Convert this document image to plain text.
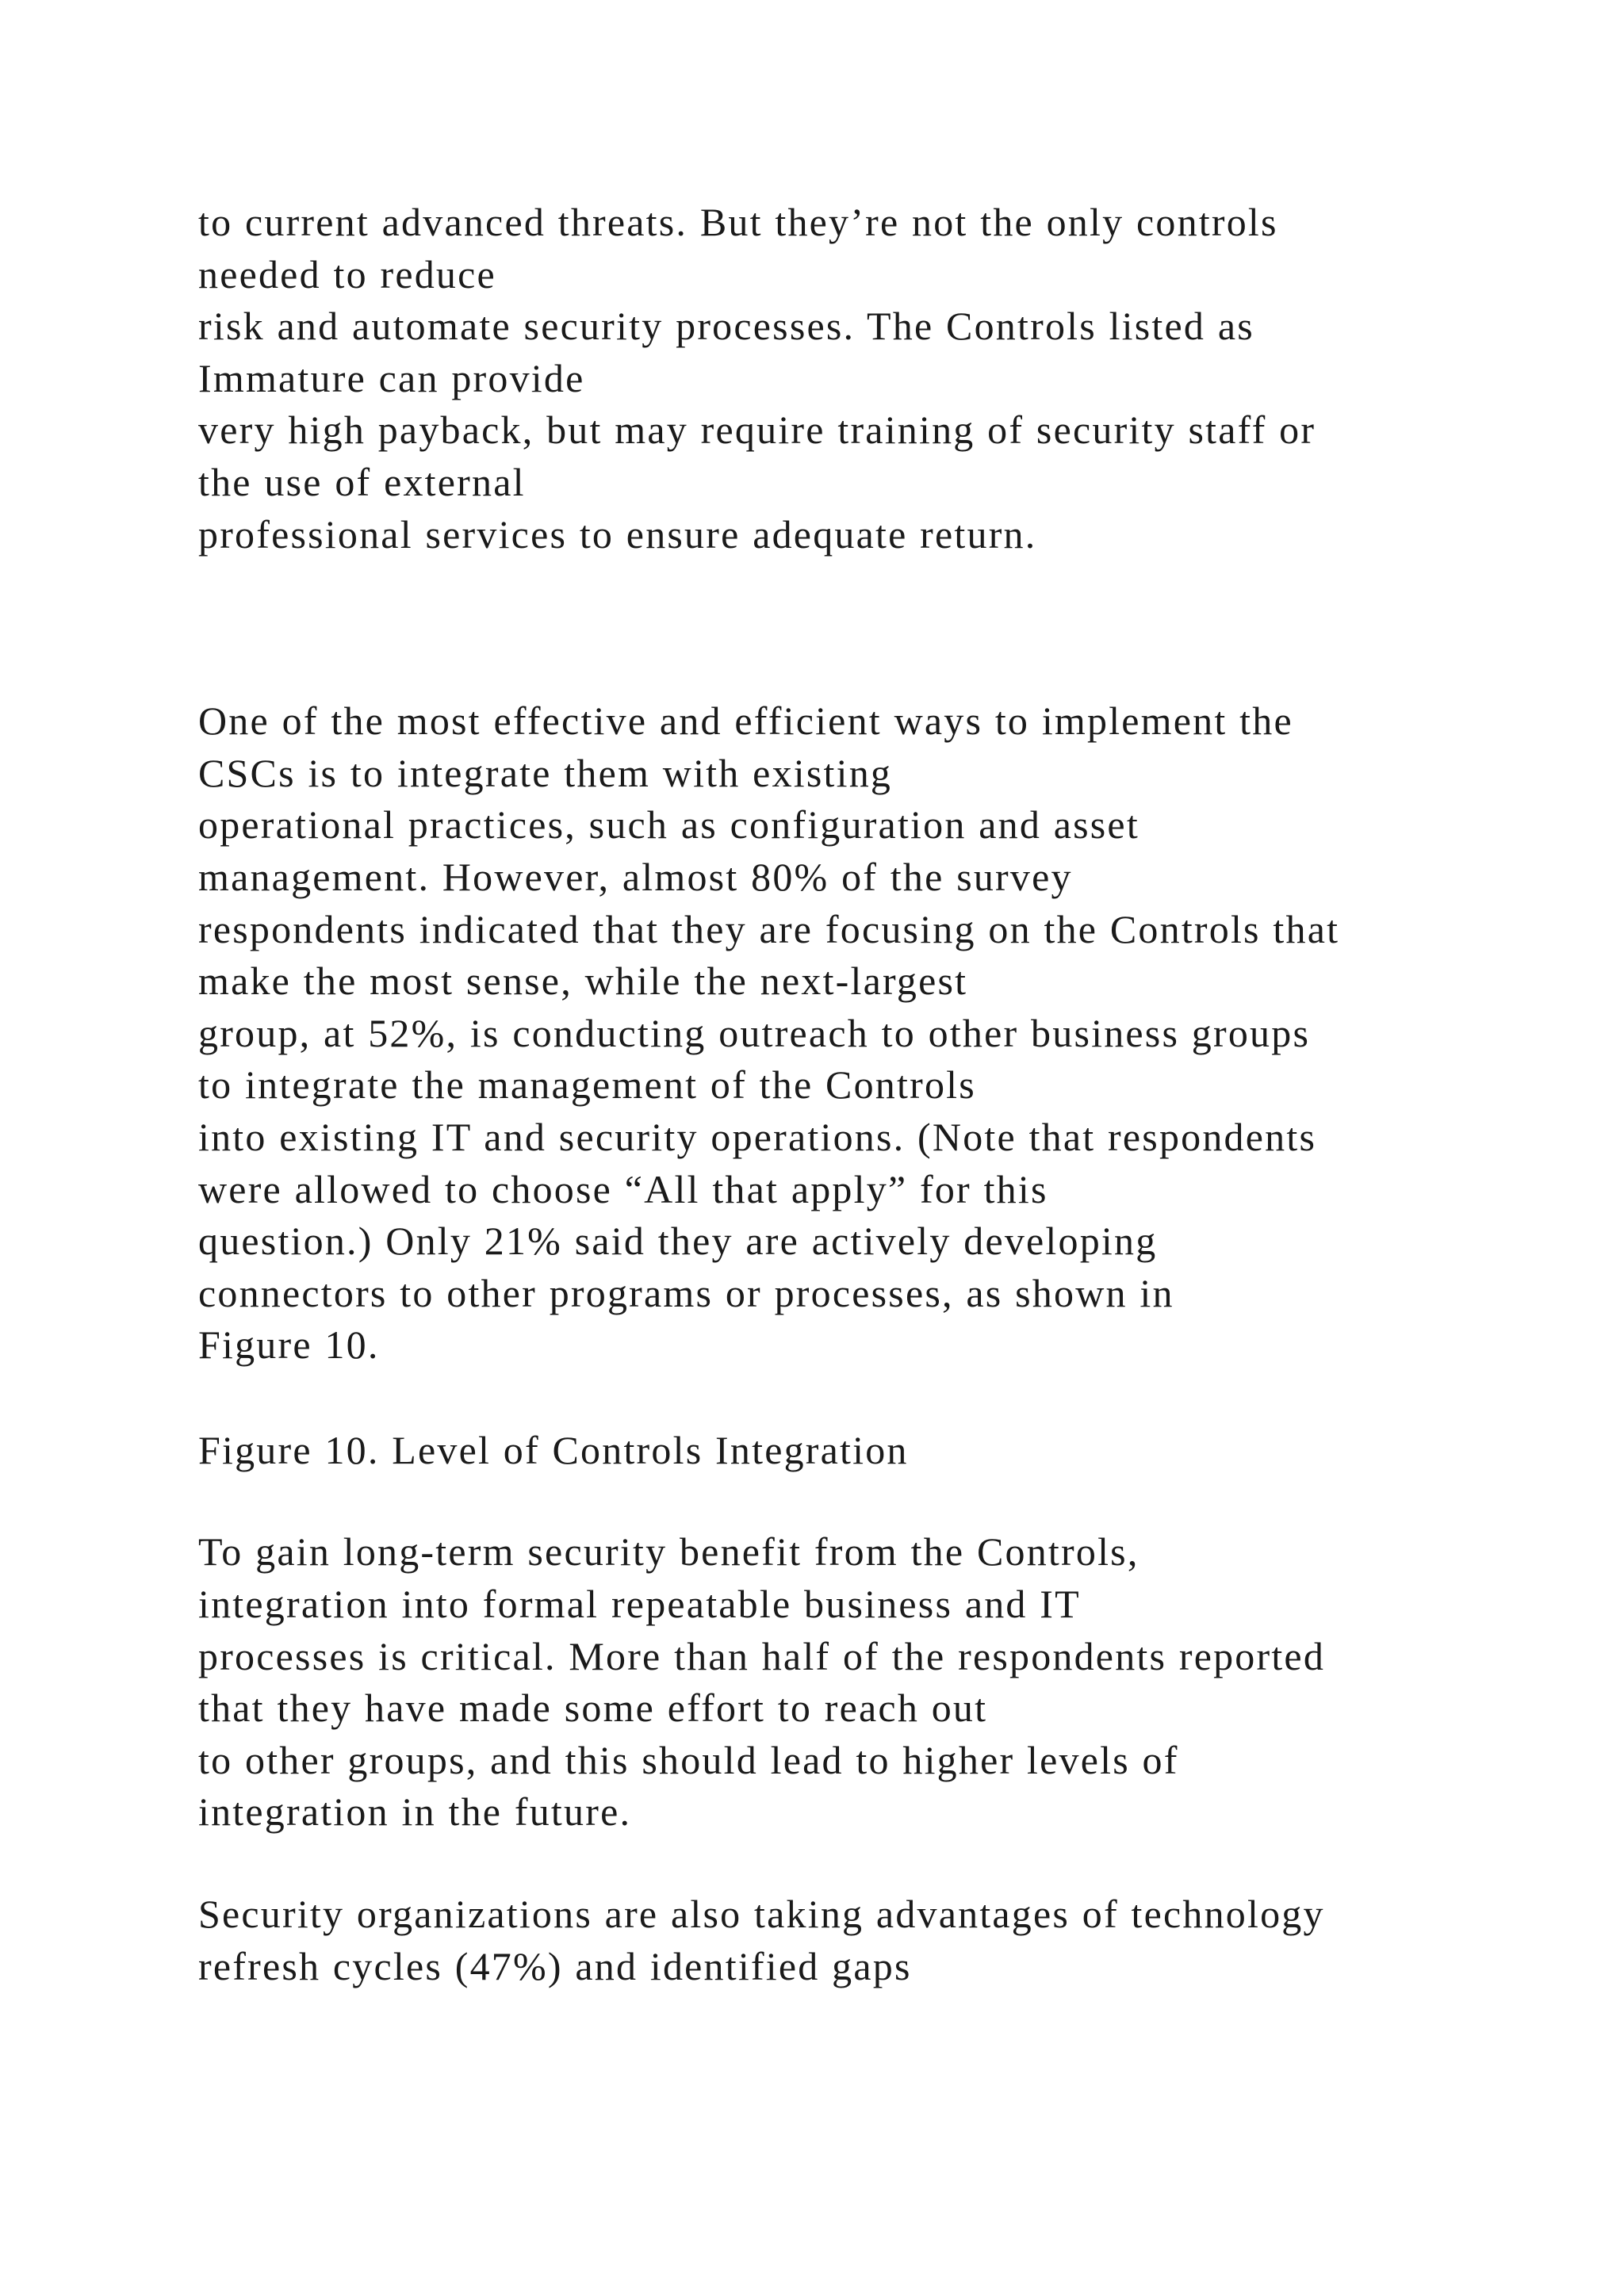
to current advanced threats. But they’re not the only controls
needed to reduce
risk and automate security processes. The Controls listed as
Immature can provide
very high payback, but may require training of security staff or
the use of external
professional services to ensure adequate return.
One of the most effective and efficient ways to implement the
CSCs is to integrate them with existing
operational practices, such as configuration and asset
management. However, almost 80% of the survey
respondents indicated that they are focusing on the Controls that
make the most sense, while the next-largest
group, at 52%, is conducting outreach to other business groups
to integrate the management of the Controls
into existing IT and security operations. (Note that respondents
were allowed to choose “All that apply” for this
question.) Only 21% said they are actively developing
connectors to other programs or processes, as shown in
Figure 10.
Figure 10. Level of Controls Integration
To gain long-term security benefit from the Controls,
integration into formal repeatable business and IT
processes is critical. More than half of the respondents reported
that they have made some effort to reach out
to other groups, and this should lead to higher levels of
integration in the future.
Security organizations are also taking advantages of technology
refresh cycles (47%) and identified gaps
